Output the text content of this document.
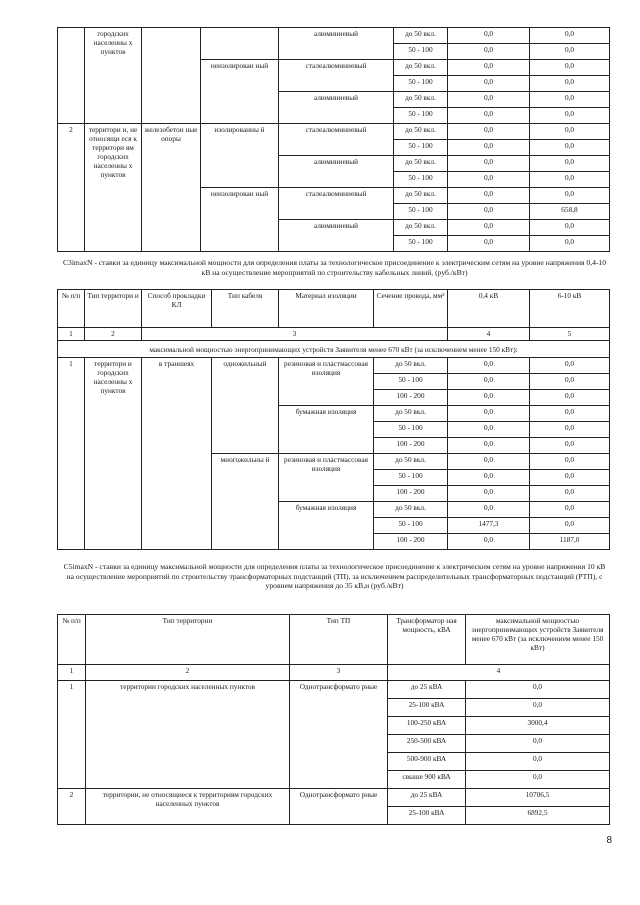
	городских населенны х пунктов			алюминиевый	до 50 вкл.	0,0	0,0
					50 - 100	0,0	0,0
			неизолирован ный	сталеалюминиевый	до 50 вкл.	0,0	0,0
					50 - 100	0,0	0,0
				алюминиевый	до 50 вкл.	0,0	0,0
					50 - 100	0,0	0,0
2	территори и, не относящи еся к территори ям городских населенны х пунктов	железобетон ные опоры	изолированны й	сталеалюминиевый	до 50 вкл.	0,0	0,0
					50 - 100	0,0	0,0
				алюминиевый	до 50 вкл.	0,0	0,0
					50 - 100	0,0	0,0
			неизолирован ный	сталеалюминиевый	до 50 вкл.	0,0	0,0
					50 - 100	0,0	658,8
				алюминиевый	до 50 вкл.	0,0	0,0
					50 - 100	0,0	0,0
C3imaxN - ставки за единицу максимальной мощности для определения платы за технологическое присоединение к электрическим сетям на уровне напряжения 0,4-10 кВ на осуществление мероприятий по строительству кабельных линий, (руб./кВт)
№ п/п	Тип территори и	Способ прокладки КЛ	Тип кабеля	Материал изоляции	Сечение провода, мм²	0,4 кВ	6-10 кВ
1	2	3				4	5
максимальной мощностью энергопринимающих устройств Заявителя менее 670 кВт (за исключением менее 150 кВт):							
1	территори и городских населенны х пунктов	в траншеях	одножильный	резиновая и пластмассовая изоляция	до 50 вкл.	0,0	0,0
					50 - 100	0,0	0,0
					100 - 200	0,0	0,0
				бумажная изоляция	до 50 вкл.	0,0	0,0
					50 - 100	0,0	0,0
					100 - 200	0,0	0,0
			многожильны й	резиновая и пластмассовая изоляция	до 50 вкл.	0,0	0,0
					50 - 100	0,0	0,0
					100 - 200	0,0	0,0
				бумажная изоляция	до 50 вкл.	0,0	0,0
					50 - 100	1477,3	0,0
					100 - 200	0,0	1187,0
C5imaxN - ставки за единицу максимальной мощности для определения платы за технологическое присоединение к электрическим сетям на уровне напряжения 10 кВ на осуществление мероприятий по строительству трансформаторных подстанций (ТП), за исключением распределительных трансформаторных подстанций (РТП), с уровнем напряжения до 35 кВ,и (руб./кВт)
№ п/п	Тип территории	Тип ТП	Трансформатор ная мощность, кВА	максимальной мощностью энергопринимающих устройств Заявителя менее 670 кВт (за исключением менее 150 кВт)
1	2	3	4	
1	территории городских населенных пунктов	Однотрансформато рные	до 25 кВА	0,0
			25-100 кВА	0,0
			100-250 кВА	3000,4
			250-500 кВА	0,0
			500-900 кВА	0,0
			свыше 900 кВА	0,0
2	территории, не относящиеся к территориям городских населенных пунктов	Однотрансформато рные	до 25 кВА	10706,5
			25-100 кВА	6892,5
8
